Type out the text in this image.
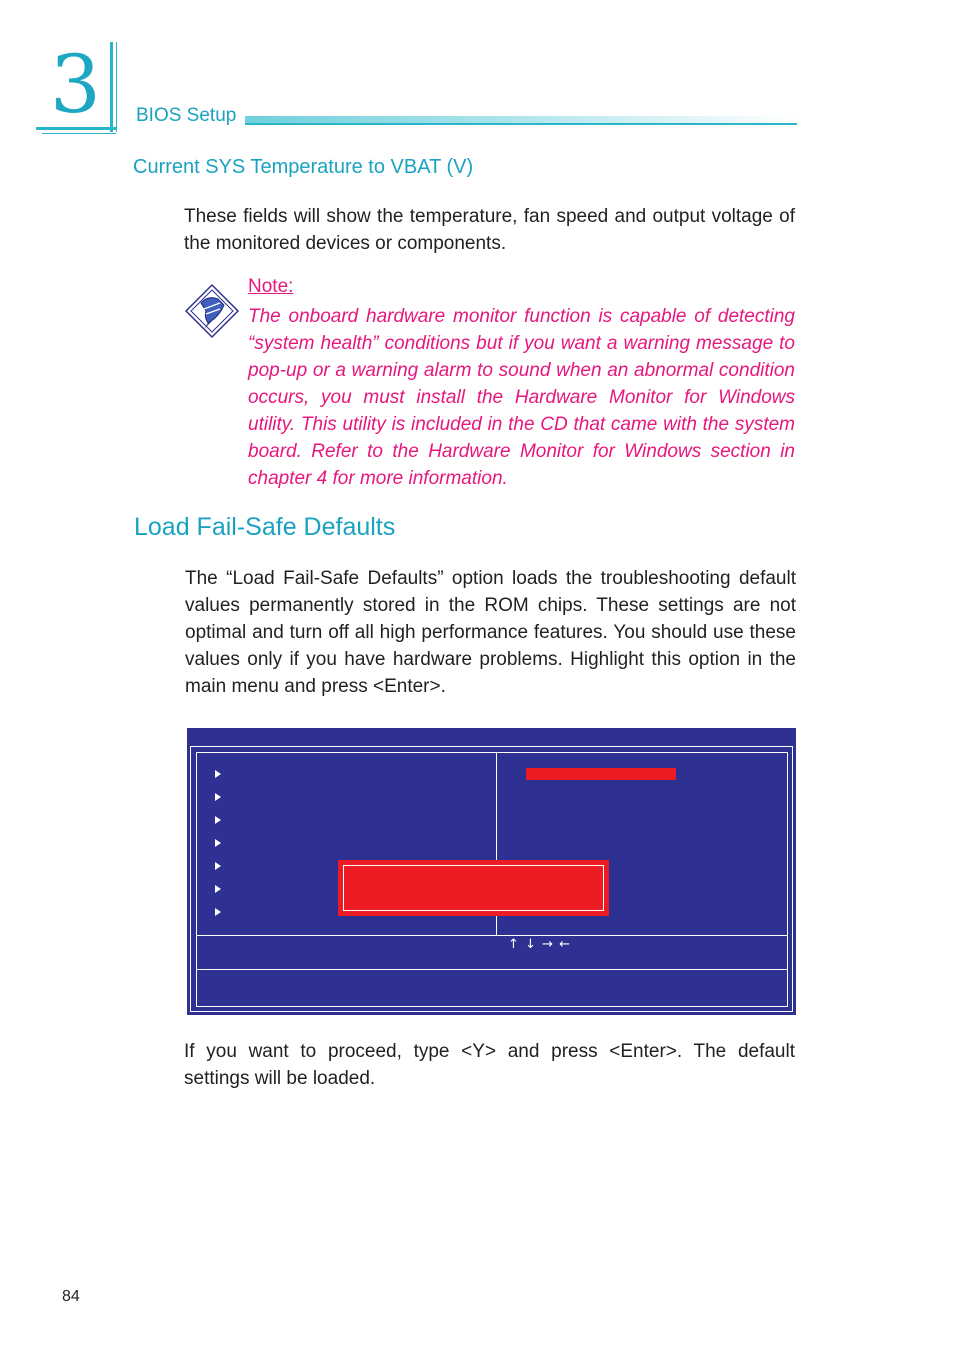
3 BIOS Setup
Current SYS Temperature to VBAT (V)
These fields will show the temperature, fan speed and output voltage of the monitored devices or components.
Note:
The onboard hardware monitor function is capable of detecting “system health” conditions but if you want a warning message to pop-up or a warning alarm to sound when an abnormal condition occurs, you must install the Hardware Monitor for Windows utility. This utility is included in the CD that came with the system board. Refer to the Hardware Monitor for Windows section in chapter 4 for more information.
Load Fail-Safe Defaults
The “Load Fail-Safe Defaults” option loads the troubleshooting default values permanently stored in the ROM chips. These settings are not optimal and turn off all high performance features. You should use these values only if you have hardware problems. Highlight this option in the main menu and press <Enter>.
↑ ↓ → ←
If you want to proceed, type <Y> and press <Enter>. The default settings will be loaded.
84
